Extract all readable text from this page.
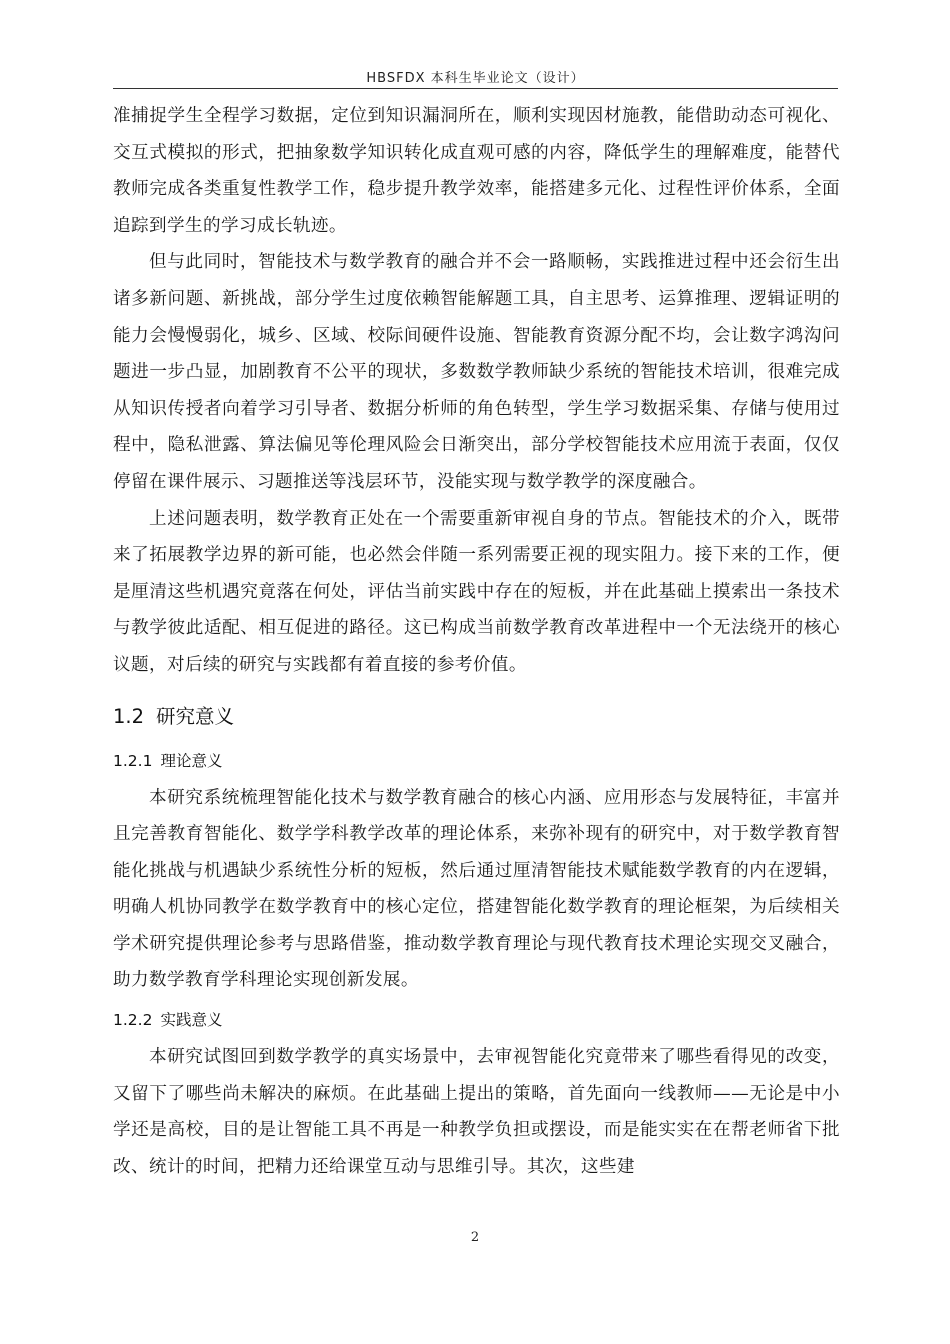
HBSFDX 本科生毕业论文（设计）

准捕捉学生全程学习数据，定位到知识漏洞所在，顺利实现因材施教，能借助动态可视化、交互式模拟的形式，把抽象数学知识转化成直观可感的内容，降低学生的理解难度，能替代教师完成各类重复性教学工作，稳步提升教学效率，能搭建多元化、过程性评价体系，全面追踪到学生的学习成长轨迹。

但与此同时，智能技术与数学教育的融合并不会一路顺畅，实践推进过程中还会衍生出诸多新问题、新挑战，部分学生过度依赖智能解题工具，自主思考、运算推理、逻辑证明的能力会慢慢弱化，城乡、区域、校际间硬件设施、智能教育资源分配不均，会让数字鸿沟问题进一步凸显，加剧教育不公平的现状，多数数学教师缺少系统的智能技术培训，很难完成从知识传授者向着学习引导者、数据分析师的角色转型，学生学习数据采集、存储与使用过程中，隐私泄露、算法偏见等伦理风险会日渐突出，部分学校智能技术应用流于表面，仅仅停留在课件展示、习题推送等浅层环节，没能实现与数学教学的深度融合。

上述问题表明，数学教育正处在一个需要重新审视自身的节点。智能技术的介入，既带来了拓展教学边界的新可能，也必然会伴随一系列需要正视的现实阻力。接下来的工作，便是厘清这些机遇究竟落在何处，评估当前实践中存在的短板，并在此基础上摸索出一条技术与教学彼此适配、相互促进的路径。这已构成当前数学教育改革进程中一个无法绕开的核心议题，对后续的研究与实践都有着直接的参考价值。

1.2 研究意义
1.2.1 理论意义

本研究系统梳理智能化技术与数学教育融合的核心内涵、应用形态与发展特征，丰富并且完善教育智能化、数学学科教学改革的理论体系，来弥补现有的研究中，对于数学教育智能化挑战与机遇缺少系统性分析的短板，然后通过厘清智能技术赋能数学教育的内在逻辑，明确人机协同教学在数学教育中的核心定位，搭建智能化数学教育的理论框架，为后续相关学术研究提供理论参考与思路借鉴，推动数学教育理论与现代教育技术理论实现交叉融合，助力数学教育学科理论实现创新发展。

1.2.2 实践意义

本研究试图回到数学教学的真实场景中，去审视智能化究竟带来了哪些看得见的改变，又留下了哪些尚未解决的麻烦。在此基础上提出的策略，首先面向一线教师——无论是中小学还是高校，目的是让智能工具不再是一种教学负担或摆设，而是能实实在在帮老师省下批改、统计的时间，把精力还给课堂互动与思维引导。其次，这些建

2
